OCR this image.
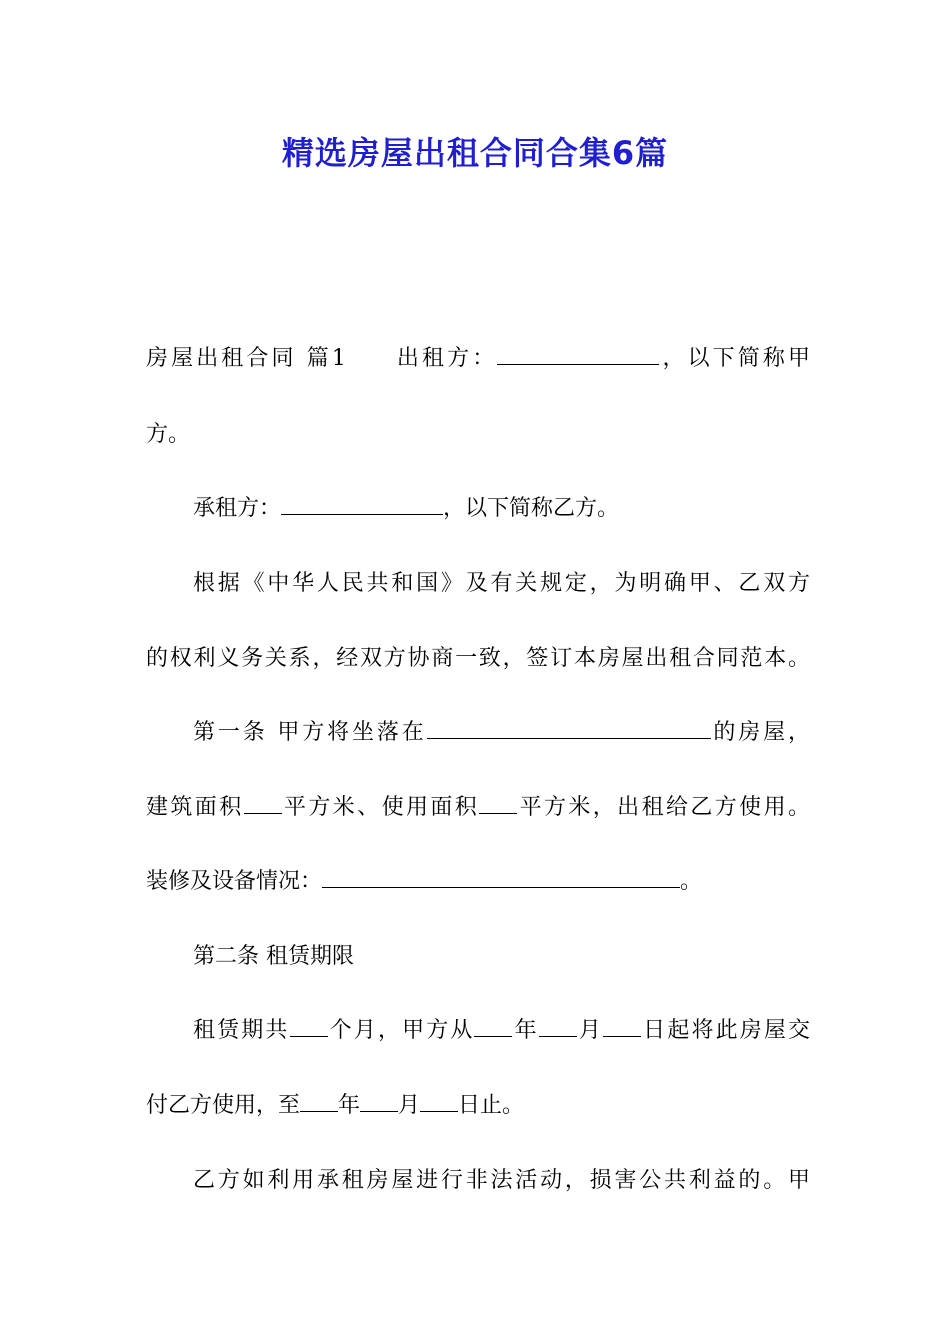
精选房屋出租合同合集6篇

房屋出租合同 篇1 出租方：	，以下简称甲

方。

承租方：	，以下简称乙方。

根据《中华人民共和国》及有关规定，为明确甲、乙双方

的权利义务关系，经双方协商一致，签订本房屋出租合同范本。

第一条 甲方将坐落在	的房屋，

建筑面积 平方米、使用面积 平方米，出租给乙方使用。

装修及设备情况：	。

第二条 租赁期限

租赁期共 个月，甲方从 年 月 日起将此房屋交

付乙方使用，至 年 月 日止。

乙方如利用承租房屋进行非法活动，损害公共利益的。甲
